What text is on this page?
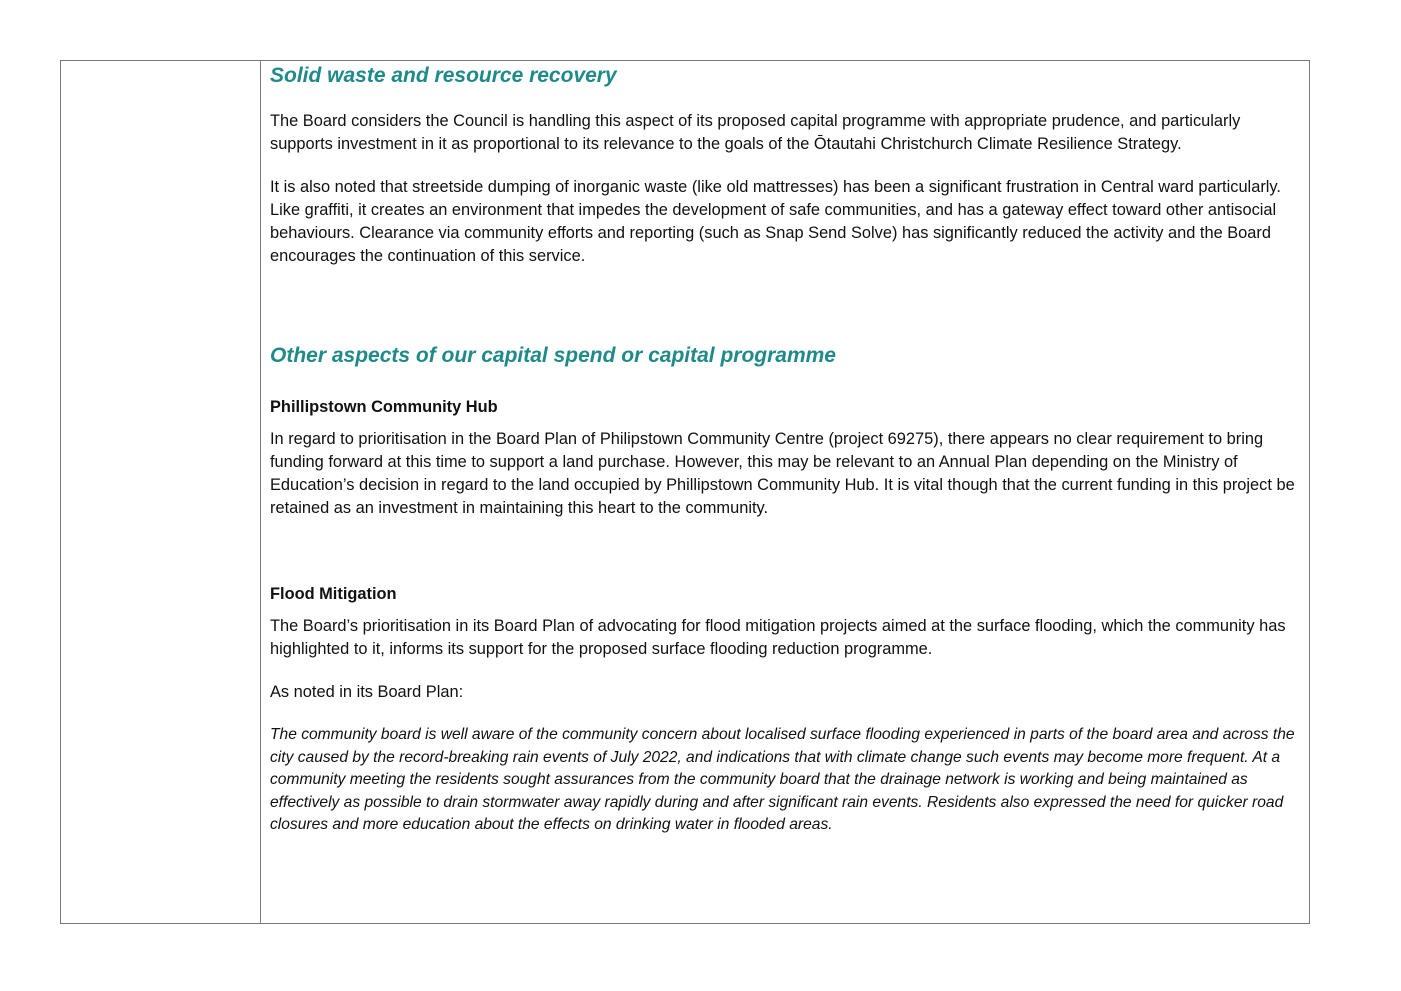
Solid waste and resource recovery

The Board considers the Council is handling this aspect of its proposed capital programme with appropriate prudence, and particularly supports investment in it as proportional to its relevance to the goals of the Ōtautahi Christchurch Climate Resilience Strategy.

It is also noted that streetside dumping of inorganic waste (like old mattresses) has been a significant frustration in Central ward particularly. Like graffiti, it creates an environment that impedes the development of safe communities, and has a gateway effect toward other antisocial behaviours. Clearance via community efforts and reporting (such as Snap Send Solve) has significantly reduced the activity and the Board encourages the continuation of this service.

Other aspects of our capital spend or capital programme
Phillipstown Community Hub

In regard to prioritisation in the Board Plan of Philipstown Community Centre (project 69275), there appears no clear requirement to bring funding forward at this time to support a land purchase. However, this may be relevant to an Annual Plan depending on the Ministry of Education’s decision in regard to the land occupied by Phillipstown Community Hub. It is vital though that the current funding in this project be retained as an investment in maintaining this heart to the community.

Flood Mitigation

The Board’s prioritisation in its Board Plan of advocating for flood mitigation projects aimed at the surface flooding, which the community has highlighted to it, informs its support for the proposed surface flooding reduction programme.

As noted in its Board Plan:

The community board is well aware of the community concern about localised surface flooding experienced in parts of the board area and across the city caused by the record-breaking rain events of July 2022, and indications that with climate change such events may become more frequent. At a community meeting the residents sought assurances from the community board that the drainage network is working and being maintained as effectively as possible to drain stormwater away rapidly during and after significant rain events. Residents also expressed the need for quicker road closures and more education about the effects on drinking water in flooded areas.
